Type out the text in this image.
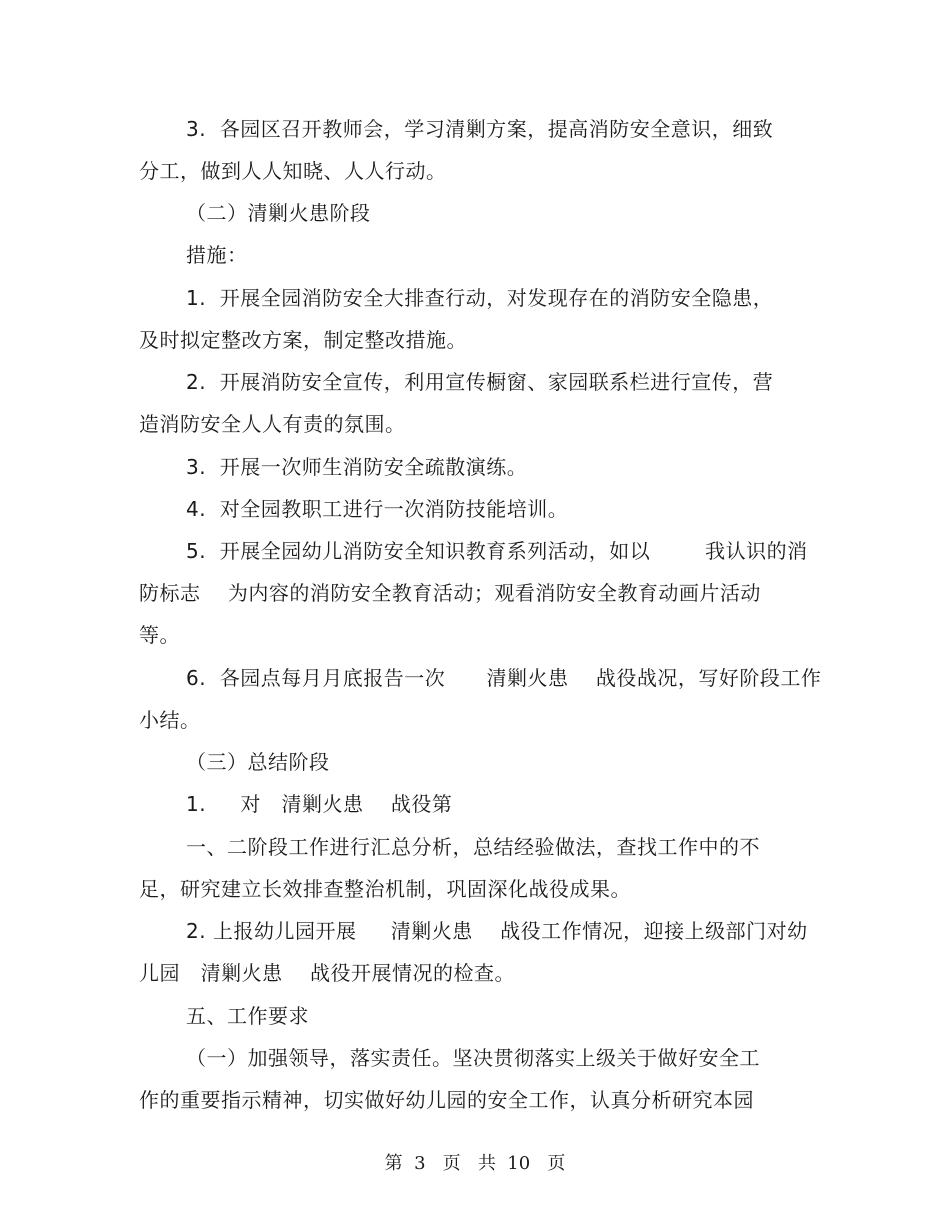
3.  各园区召开教师会，学习清剿方案，提高消防安全意识，细致
分工，做到人人知晓、人人行动。
（二）清剿火患阶段
措施：
1.  开展全园消防安全大排查行动，对发现存在的消防安全隐患，
及时拟定整改方案，制定整改措施。
2.  开展消防安全宣传，利用宣传橱窗、家园联系栏进行宣传，营
造消防安全人人有责的氛围。
3.  开展一次师生消防安全疏散演练。
4.  对全园教职工进行一次消防技能培训。
5.  开展全园幼儿消防安全知识教育系列活动，如以        我认识的消
防标志    为内容的消防安全教育活动；观看消防安全教育动画片活动
等。
6.  各园点每月月底报告一次      清剿火患    战役战况，写好阶段工作
小结。
（三）总结阶段
1.     对   清剿火患    战役第
一、二阶段工作进行汇总分析，总结经验做法，查找工作中的不
足，研究建立长效排查整治机制，巩固深化战役成果。
2. 上报幼儿园开展     清剿火患    战役工作情况，迎接上级部门对幼
儿园   清剿火患    战役开展情况的检查。
五、工作要求
（一）加强领导，落实责任。坚决贯彻落实上级关于做好安全工
作的重要指示精神，切实做好幼儿园的安全工作，认真分析研究本园
第  3   页   共  10   页
